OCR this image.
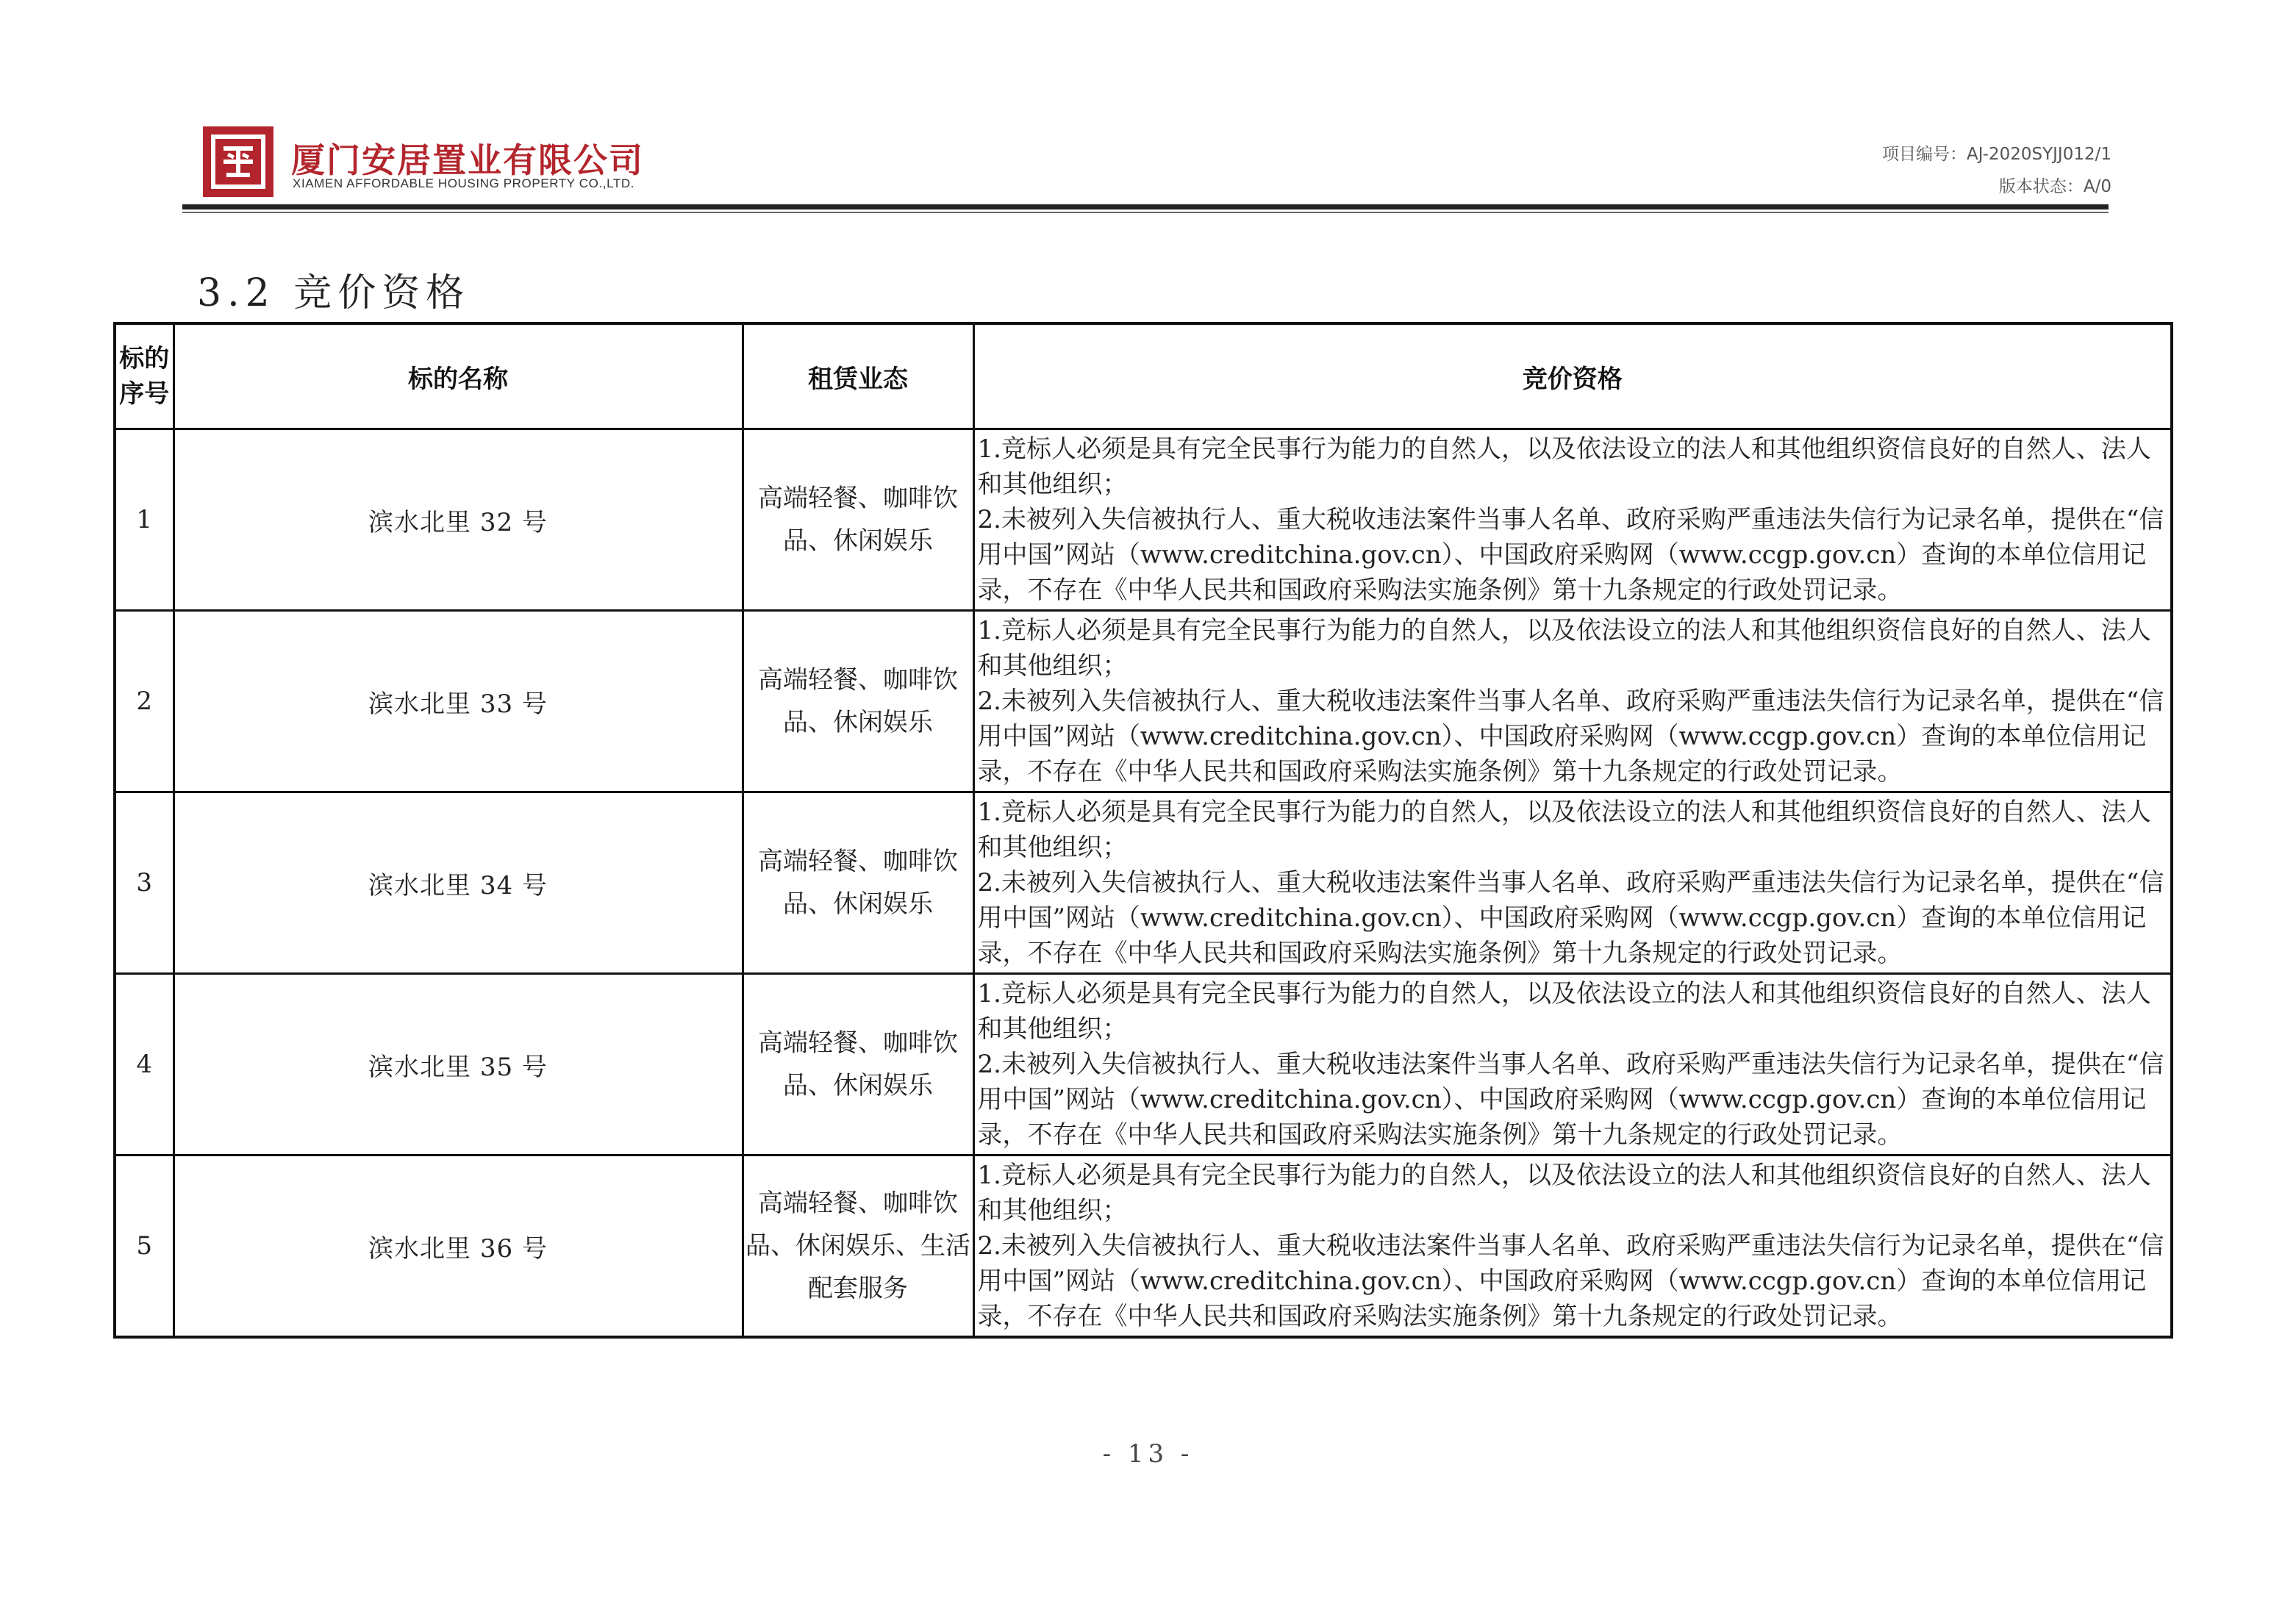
厦门安居置业有限公司
XIAMEN AFFORDABLE HOUSING PROPERTY CO.,LTD.
项目编号：AJ-2020SYJJ012/1
版本状态：A/0
3.2 竞价资格
标的序号	标的名称	租赁业态	竞价资格
1	滨水北里 32 号	高端轻餐、咖啡饮品、休闲娱乐	1.竞标人必须是具有完全民事行为能力的自然人，以及依法设立的法人和其他组织资信良好的自然人、法人和其他组织；

2.未被列入失信被执行人、重大税收违法案件当事人名单、政府采购严重违法失信行为记录名单，提供在“信用中国”网站（www.creditchina.gov.cn）、中国政府采购网（www.ccgp.gov.cn）查询的本单位信用记录，不存在《中华人民共和国政府采购法实施条例》第十九条规定的行政处罚记录。

2	滨水北里 33 号	高端轻餐、咖啡饮品、休闲娱乐	1.竞标人必须是具有完全民事行为能力的自然人，以及依法设立的法人和其他组织资信良好的自然人、法人和其他组织；

2.未被列入失信被执行人、重大税收违法案件当事人名单、政府采购严重违法失信行为记录名单，提供在“信用中国”网站（www.creditchina.gov.cn）、中国政府采购网（www.ccgp.gov.cn）查询的本单位信用记录，不存在《中华人民共和国政府采购法实施条例》第十九条规定的行政处罚记录。

3	滨水北里 34 号	高端轻餐、咖啡饮品、休闲娱乐	1.竞标人必须是具有完全民事行为能力的自然人，以及依法设立的法人和其他组织资信良好的自然人、法人和其他组织；

2.未被列入失信被执行人、重大税收违法案件当事人名单、政府采购严重违法失信行为记录名单，提供在“信用中国”网站（www.creditchina.gov.cn）、中国政府采购网（www.ccgp.gov.cn）查询的本单位信用记录，不存在《中华人民共和国政府采购法实施条例》第十九条规定的行政处罚记录。

4	滨水北里 35 号	高端轻餐、咖啡饮品、休闲娱乐	1.竞标人必须是具有完全民事行为能力的自然人，以及依法设立的法人和其他组织资信良好的自然人、法人和其他组织；

2.未被列入失信被执行人、重大税收违法案件当事人名单、政府采购严重违法失信行为记录名单，提供在“信用中国”网站（www.creditchina.gov.cn）、中国政府采购网（www.ccgp.gov.cn）查询的本单位信用记录，不存在《中华人民共和国政府采购法实施条例》第十九条规定的行政处罚记录。

5	滨水北里 36 号	高端轻餐、咖啡饮品、休闲娱乐、生活配套服务	1.竞标人必须是具有完全民事行为能力的自然人，以及依法设立的法人和其他组织资信良好的自然人、法人和其他组织；

2.未被列入失信被执行人、重大税收违法案件当事人名单、政府采购严重违法失信行为记录名单，提供在“信用中国”网站（www.creditchina.gov.cn）、中国政府采购网（www.ccgp.gov.cn）查询的本单位信用记录，不存在《中华人民共和国政府采购法实施条例》第十九条规定的行政处罚记录。

- 13 -
